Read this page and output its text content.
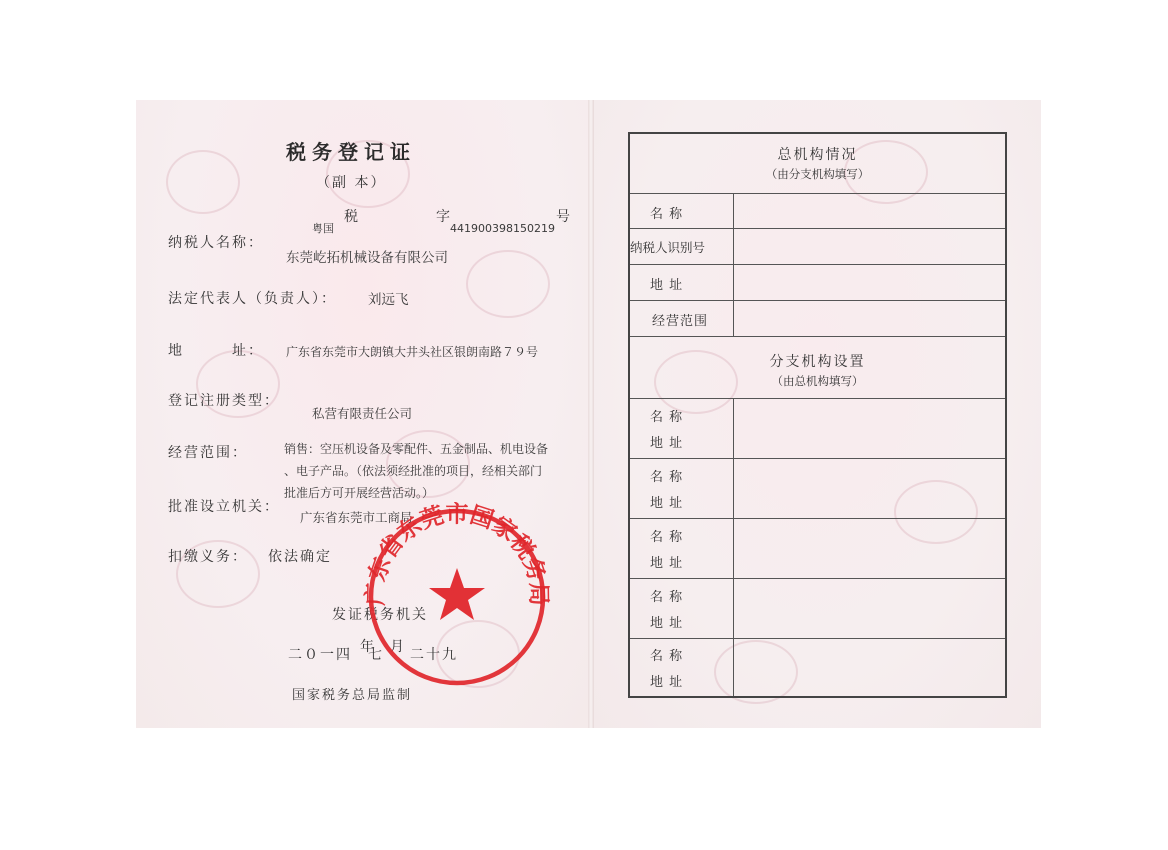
税务登记证
（副 本）
税	字	号
粤国	441900398150219
纳税人名称：
东莞屹拓机械设备有限公司
法定代表人（负责人）： 刘远飞
地	址： 广东省东莞市大朗镇大井头社区银朗南路７９号
登记注册类型：
私营有限责任公司
经营范围：	销售：空压机设备及零配件、五金制品、机电设备
、电子产品。（依法须经批准的项目，经相关部门
批准后方可开展经营活动。）
批准设立机关：
广东省东莞市工商局
扣缴义务： 依法确定
发证税务机关
二０一四 年
七 月 二十九
国家税务总局监制
广东省东莞市国家税务局
总机构情况
（由分支机构填写）
名 称
纳税人识别号
地 址
经营范围
分支机构设置
（由总机构填写）
名 称
地 址
名 称
地 址
名 称
地 址
名 称
地 址
名 称
地 址
